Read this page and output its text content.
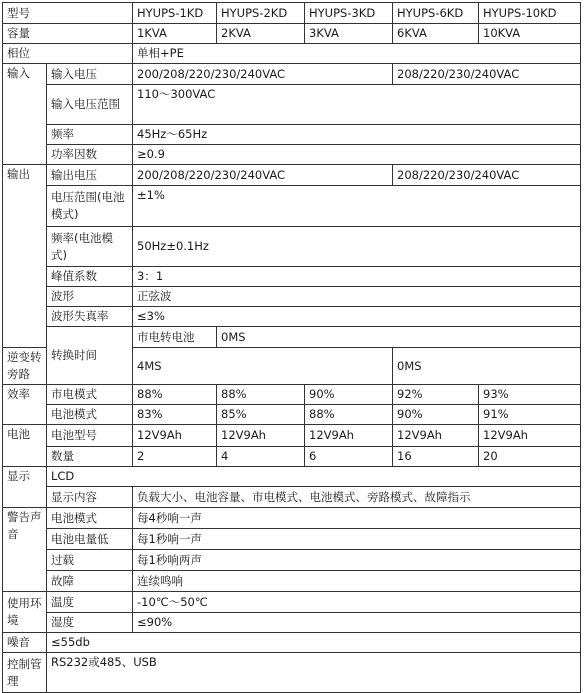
型号		HYUPS-1KD	HYUPS-2KD	HYUPS-3KD	HYUPS-6KD	HYUPS-10KD
容量		1KVA	2KVA	3KVA	6KVA	10KVA
相位		单相+PE				
输入	输入电压	200/208/220/230/240VAC			208/220/230/240VAC	
	输入电压范围	110～300VAC				
	频率	45Hz～65Hz				
	功率因数	≥0.9				
输出	输出电压	200/208/220/230/240VAC			208/220/230/240VAC	
	电压范围(电池模式)	±1%				
	频率(电池模式)	50Hz±0.1Hz				
	峰值系数	3：1				
	波形	正弦波				
	波形失真率	≤3%				
	转换时间	市电转电池	0MS			
逆变转旁路		4MS			0MS	
效率	市电模式	88%	88%	90%	92%	93%
	电池模式	83%	85%	88%	90%	91%
电池	电池型号	12V9Ah	12V9Ah	12V9Ah	12V9Ah	12V9Ah
	数量	2	4	6	16	20
显示	LCD					
	显示内容	负载大小、电池容量、市电模式、电池模式、旁路模式、故障指示				
警告声音	电池模式	每4秒响一声				
	电池电量低	每1秒响一声				
	过载	每1秒响两声				
	故障	连续鸣响				
使用环境	温度	-10℃～50℃				
	湿度	≤90%				
噪音	≤55db					
控制管理	RS232或485、USB					
